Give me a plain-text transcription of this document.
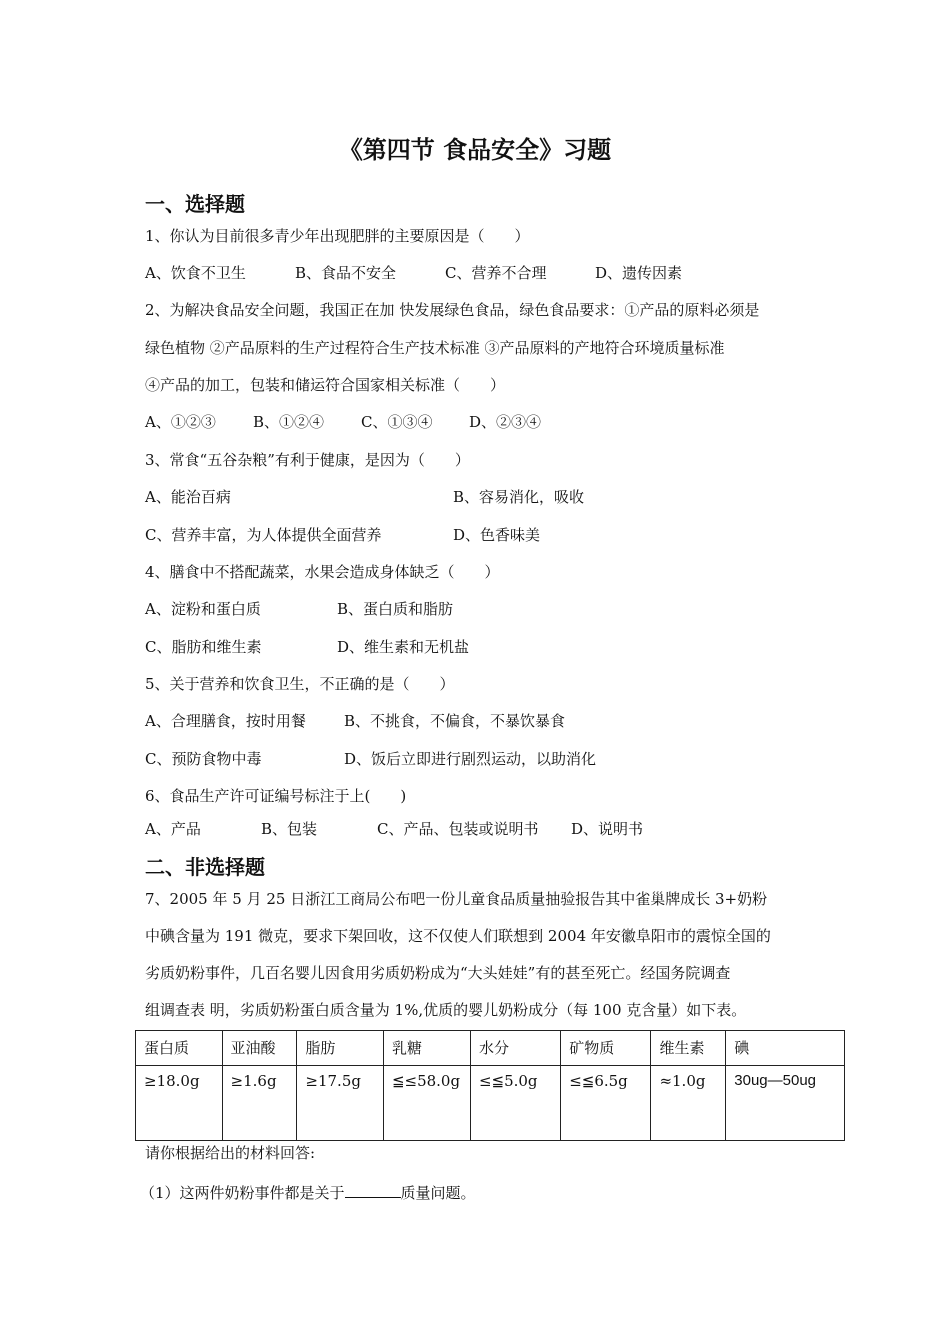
《第四节 食品安全》习题
一、选择题
1、你认为目前很多青少年出现肥胖的主要原因是（　　）
A、饮食不卫生	B、食品不安全	C、营养不合理	D、遗传因素
2、为解决食品安全问题，我国正在加 快发展绿色食品，绿色食品要求：①产品的原料必须是
绿色植物 ②产品原料的生产过程符合生产技术标准 ③产品原料的产地符合环境质量标准
④产品的加工，包装和储运符合国家相关标准（　　）
A、①②③ B、①②④ C、①③④ D、②③④
3、常食“五谷杂粮”有利于健康，是因为（　　）
A、能治百病	B、容易消化，吸收
C、营养丰富，为人体提供全面营养	D、色香味美
4、膳食中不搭配蔬菜，水果会造成身体缺乏（　　）
A、淀粉和蛋白质	B、蛋白质和脂肪
C、脂肪和维生素	D、维生素和无机盐
5、关于营养和饮食卫生，不正确的是（　　）
A、合理膳食，按时用餐	B、不挑食，不偏食，不暴饮暴食
C、预防食物中毒	D、饭后立即进行剧烈运动，以助消化
6、食品生产许可证编号标注于上(　　)
A、产品	B、包装	C、产品、包装或说明书 D、说明书
二、非选择题
7、2005 年 5 月 25 日浙江工商局公布吧一份儿童食品质量抽验报告其中雀巢牌成长 3+奶粉
中碘含量为 191 微克，要求下架回收，这不仅使人们联想到 2004 年安徽阜阳市的震惊全国的
劣质奶粉事件，几百名婴儿因食用劣质奶粉成为“大头娃娃”有的甚至死亡。经国务院调查
组调查表 明，劣质奶粉蛋白质含量为 1%,优质的婴儿奶粉成分（每 100 克含量）如下表。
蛋白质	亚油酸	脂肪	乳糖	水分	矿物质	维生素	碘
≥18.0g	≥1.6g	≥17.5g	≦≤58.0g	≤≦5.0g	≤≦6.5g	≈1.0g	30ug—50ug
请你根据给出的材料回答:
（1）这两件奶粉事件都是关于	质量问题。
